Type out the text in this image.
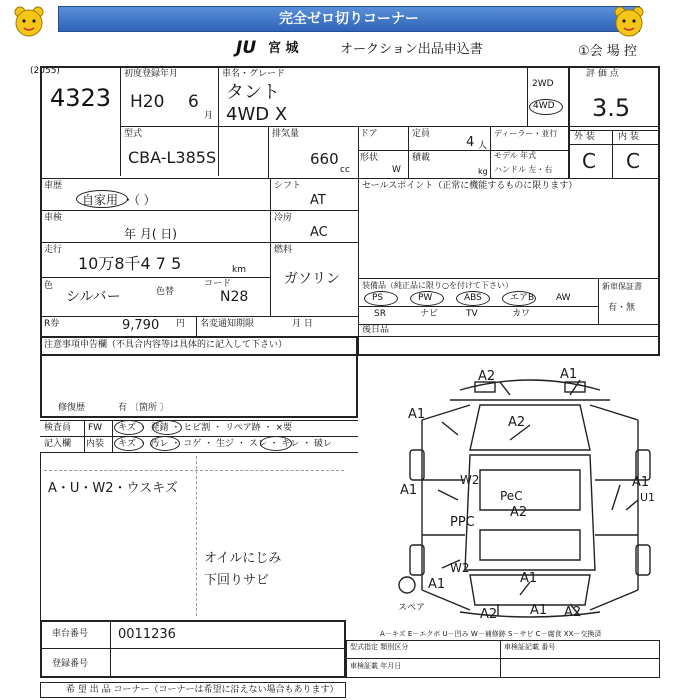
完全ゼロ切りコーナー
JU 宮 城	オークション出品申込書	①会 場 控
(2055)
4323
初度登録年月
H20 6
月
車名・グレード
タント
4WD X
2WD
4WD
評 価 点
3.5
外 装	内 装
C C
型式
CBA-L385S
排気量
660
cc
ドア	定員
4 人
ディーラー・並行
形状
W
積載
kg
モデル 年式
ハンドル 左・右
車歴
自家用 ・（ ）
シフト
AT
車検
年 月( 日)
冷房
AC
走行
10万8千4 7 5	km
燃料
ガソリン
色
シルバー	色替
コード
N28
R券	9,790 円 名変通知期限	月 日
セールスポイント（正常に機能するものに限ります）
装備品（純正品に限り○を付けて下さい）	新車保証書
有・無
後日品
PS	PW	ABS	エアB AW
SR	ナビ	TV	カワ
注意事項申告欄（不具合内容等は具体的に記入して下さい）
修復歴	有 〔箇所 〕
検査員
記入欄
FW
内装
キズ ・ 発錆 ・ ヒビ割 ・ リペア跡 ・ ×要
キズ ・ 汚レ ・ コゲ ・ 生ジ ・ スレ ・ キレ ・ 破レ
A・U・W2・ウスキズ
オイルにじみ
下回りサビ
A2	A1
A1
A2
A1
W2
PeC
A2
PPC
A1
U1
W2
A1
A1
スペア	A2	A1 A2
A－キズ E－エクボ U－凹み W－補修跡 S－サビ C－腐食 XX－交換済
車台番号 0011236
登録番号
型式指定 類別区分	車検証記載 番号
車検証載 年月日
希 望 出 品 コーナー（コーナーは希望に沿えない場合もあります）
